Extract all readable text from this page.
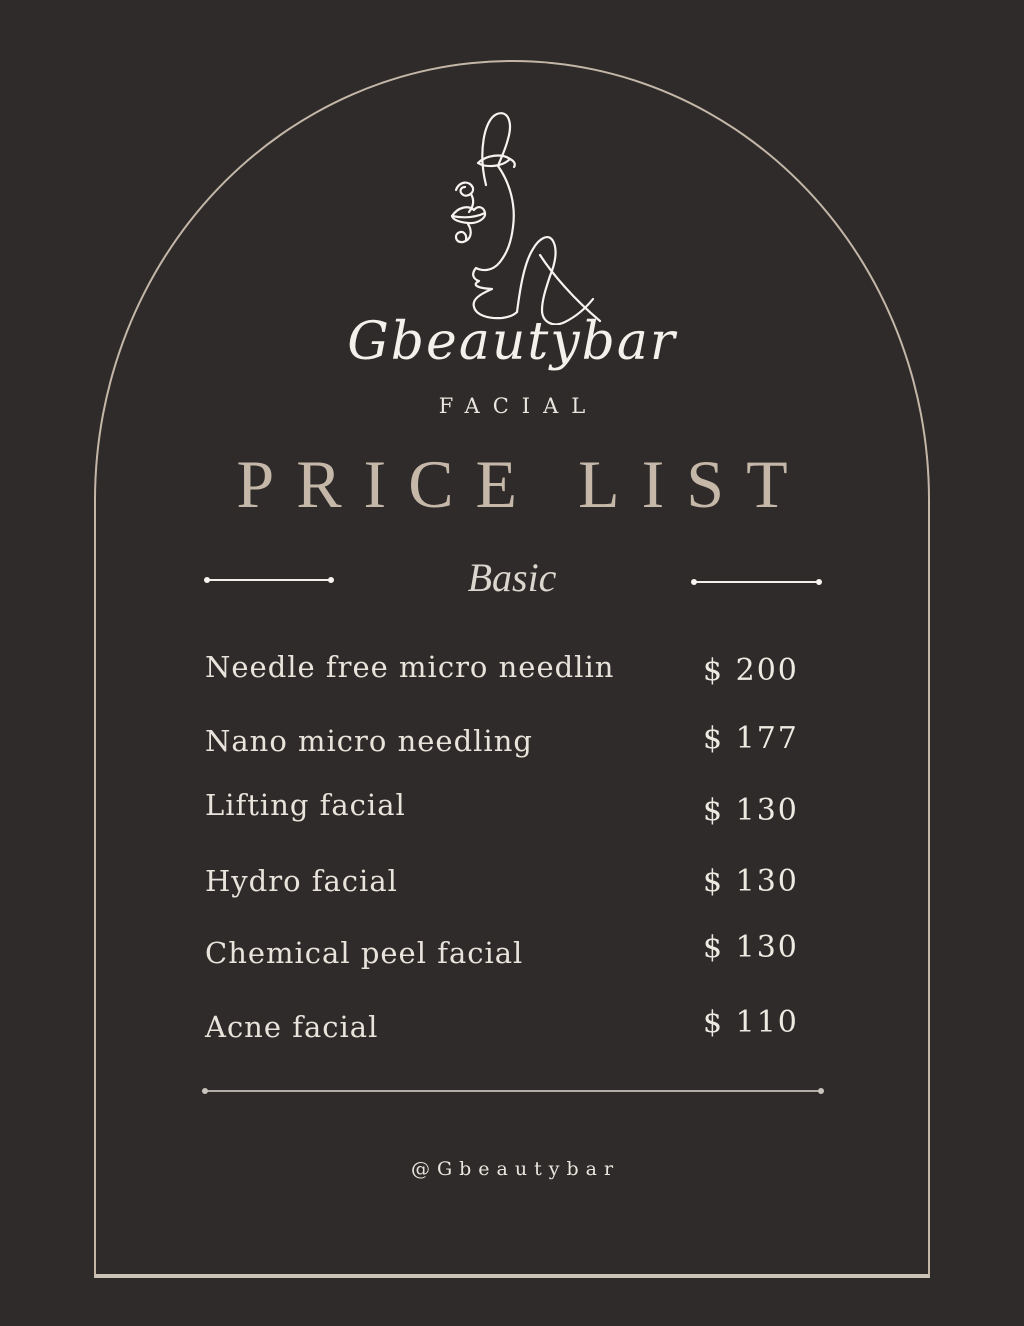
Gbeautybar
FACIAL
PRICE LIST
Basic
Needle free micro needlin	$ 200
Nano micro needling	$ 177
Lifting facial	$ 130
Hydro facial	$ 130
Chemical peel facial	$ 130
Acne facial	$ 110
@Gbeautybar
